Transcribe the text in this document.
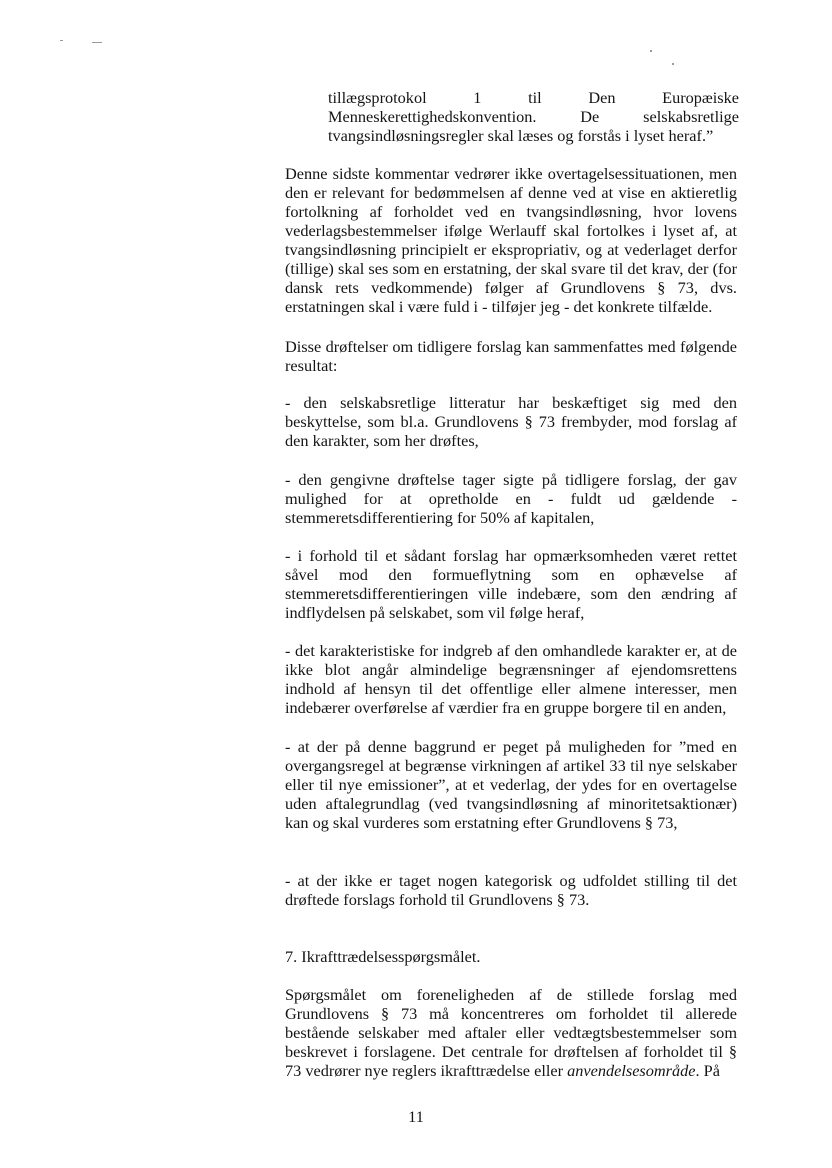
tillægsprotokol 1 til Den Europæiske
Menneskerettighedskonvention. De selskabsretlige
tvangsindløsningsregler skal læses og forstås i lyset heraf.”

Denne sidste kommentar vedrører ikke overtagelsessituationen, men den er relevant for bedømmelsen af denne ved at vise en aktieretlig fortolkning af forholdet ved en tvangsindløsning, hvor lovens vederlagsbestemmelser ifølge Werlauff skal fortolkes i lyset af, at tvangsindløsning principielt er ekspropriativ, og at vederlaget derfor (tillige) skal ses som en erstatning, der skal svare til det krav, der (for dansk rets vedkommende) følger af Grundlovens § 73, dvs. erstatningen skal i være fuld i - tilføjer jeg - det konkrete tilfælde.

Disse drøftelser om tidligere forslag kan sammenfattes med følgende resultat:

- den selskabsretlige litteratur har beskæftiget sig med den beskyttelse, som bl.a. Grundlovens § 73 frembyder, mod forslag af den karakter, som her drøftes,

- den gengivne drøftelse tager sigte på tidligere forslag, der gav mulighed for at opretholde en - fuldt ud gældende - stemmeretsdifferentiering for 50% af kapitalen,

- i forhold til et sådant forslag har opmærksomheden været rettet såvel mod den formueflytning som en ophævelse af stemmeretsdifferentieringen ville indebære, som den ændring af indflydelsen på selskabet, som vil følge heraf,

- det karakteristiske for indgreb af den omhandlede karakter er, at de ikke blot angår almindelige begrænsninger af ejendomsrettens indhold af hensyn til det offentlige eller almene interesser, men indebærer overførelse af værdier fra en gruppe borgere til en anden,

- at der på denne baggrund er peget på muligheden for ”med en overgangsregel at begrænse virkningen af artikel 33 til nye selskaber eller til nye emissioner”, at et vederlag, der ydes for en overtagelse uden aftalegrundlag (ved tvangsindløsning af minoritetsaktionær) kan og skal vurderes som erstatning efter Grundlovens § 73,

- at der ikke er taget nogen kategorisk og udfoldet stilling til det drøftede forslags forhold til Grundlovens § 73.

7. Ikrafttrædelsesspørgsmålet.

Spørgsmålet om foreneligheden af de stillede forslag med Grundlovens § 73 må koncentreres om forholdet til allerede bestående selskaber med aftaler eller vedtægtsbestemmelser som beskrevet i forslagene. Det centrale for drøftelsen af forholdet til § 73 vedrører nye reglers ikrafttrædelse eller anvendelsesområde. På

11
